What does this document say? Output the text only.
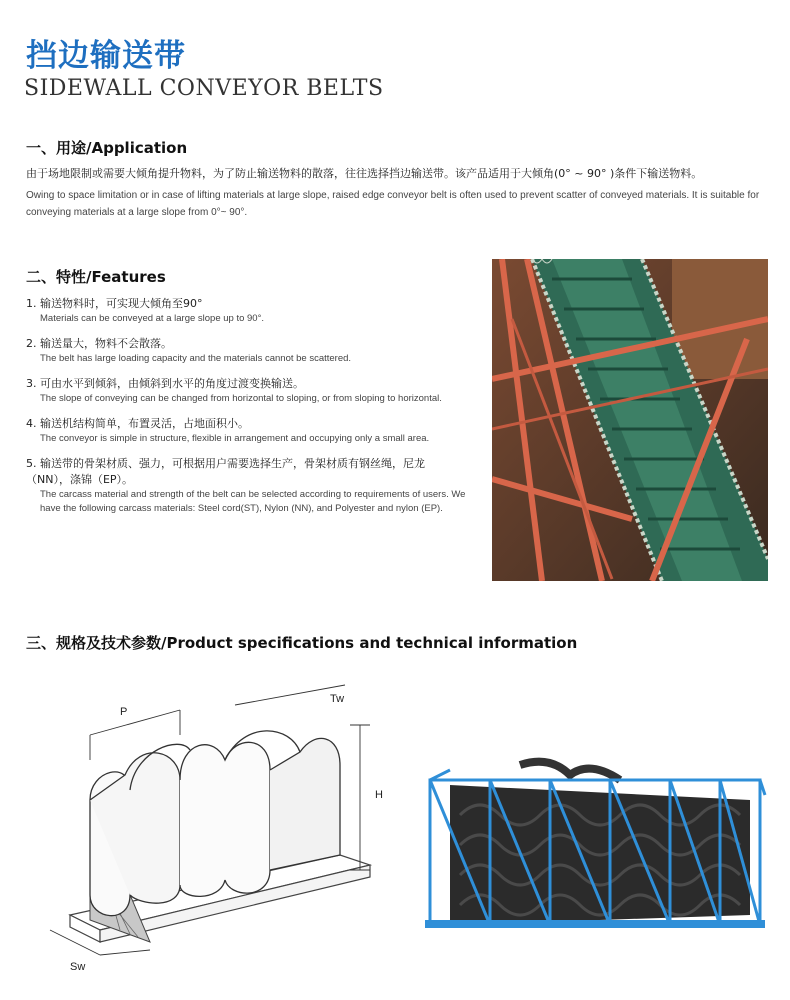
挡边输送带
SIDEWALL CONVEYOR BELTS
一、用途/Application
由于场地限制或需要大倾角提升物料，为了防止输送物料的散落，往往选择挡边输送带。该产品适用于大倾角(0° ~ 90° )条件下输送物料。
Owing to space limitation or in case of lifting materials at large slope, raised edge conveyor belt is often used to prevent scatter of conveyed materials. It is suitable for conveying materials at a large slope from 0°~ 90°.
二、特性/Features
1. 输送物料时，可实现大倾角至90°
Materials can be conveyed at a large slope up to 90°.
2. 输送量大，物料不会散落。
The belt has large loading capacity and the materials cannot be scattered.
3. 可由水平到倾斜，由倾斜到水平的角度过渡变换输送。
The slope of conveying can be changed from horizontal to sloping, or from sloping to horizontal.
4. 输送机结构简单，布置灵活，占地面积小。
The conveyor is simple in structure, flexible in arrangement and occupying only a small area.
5. 输送带的骨架材质、强力，可根据用户需要选择生产，骨架材质有钢丝绳，尼龙（NN），涤锦（EP）。
The carcass material and strength of the belt can be selected according to requirements of users. We have the following carcass materials: Steel cord(ST), Nylon (NN), and Polyester and nylon (EP).
三、规格及技术参数/Product specifications and technical information
P
Tw
H
Sw
